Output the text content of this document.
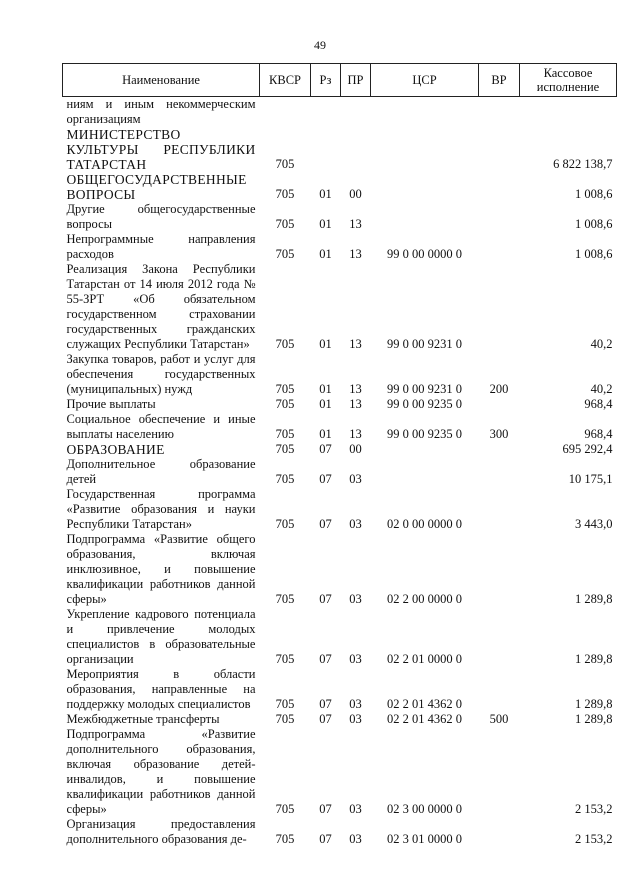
49
Наименование	КВСР	Рз	ПР	ЦСР	ВР	Кассовое исполнение
ниям и иным некоммерческим организациям						
МИНИСТЕРСТВО КУЛЬТУРЫ РЕСПУБЛИКИ ТАТАРСТАН	705					6 822 138,7
ОБЩЕГОСУДАРСТВЕННЫЕ ВОПРОСЫ	705	01	00			1 008,6
Другие общегосударственные вопросы	705	01	13			1 008,6
Непрограммные направления расходов	705	01	13	99 0 00 0000 0		1 008,6
Реализация Закона Республики Татарстан от 14 июля 2012 года № 55-ЗРТ «Об обязательном государственном страховании государственных гражданских служащих Республики Татарстан»	705	01	13	99 0 00 9231 0		40,2
Закупка товаров, работ и услуг для обеспечения государственных (муниципальных) нужд	705	01	13	99 0 00 9231 0	200	40,2
Прочие выплаты	705	01	13	99 0 00 9235 0		968,4
Социальное обеспечение и иные выплаты населению	705	01	13	99 0 00 9235 0	300	968,4
ОБРАЗОВАНИЕ	705	07	00			695 292,4
Дополнительное образование детей	705	07	03			10 175,1
Государственная программа «Развитие образования и науки Республики Татарстан»	705	07	03	02 0 00 0000 0		3 443,0
Подпрограмма «Развитие общего образования, включая инклюзивное, и повышение квалификации работников данной сферы»	705	07	03	02 2 00 0000 0		1 289,8
Укрепление кадрового потенциала и привлечение молодых специалистов в образовательные организации	705	07	03	02 2 01 0000 0		1 289,8
Мероприятия в области образования, направленные на поддержку молодых специалистов	705	07	03	02 2 01 4362 0		1 289,8
Межбюджетные трансферты	705	07	03	02 2 01 4362 0	500	1 289,8
Подпрограмма «Развитие дополнительного образования, включая образование детей-инвалидов, и повышение квалификации работников данной сферы»	705	07	03	02 3 00 0000 0		2 153,2
Организация предоставления дополнительного образования де-	705	07	03	02 3 01 0000 0		2 153,2
